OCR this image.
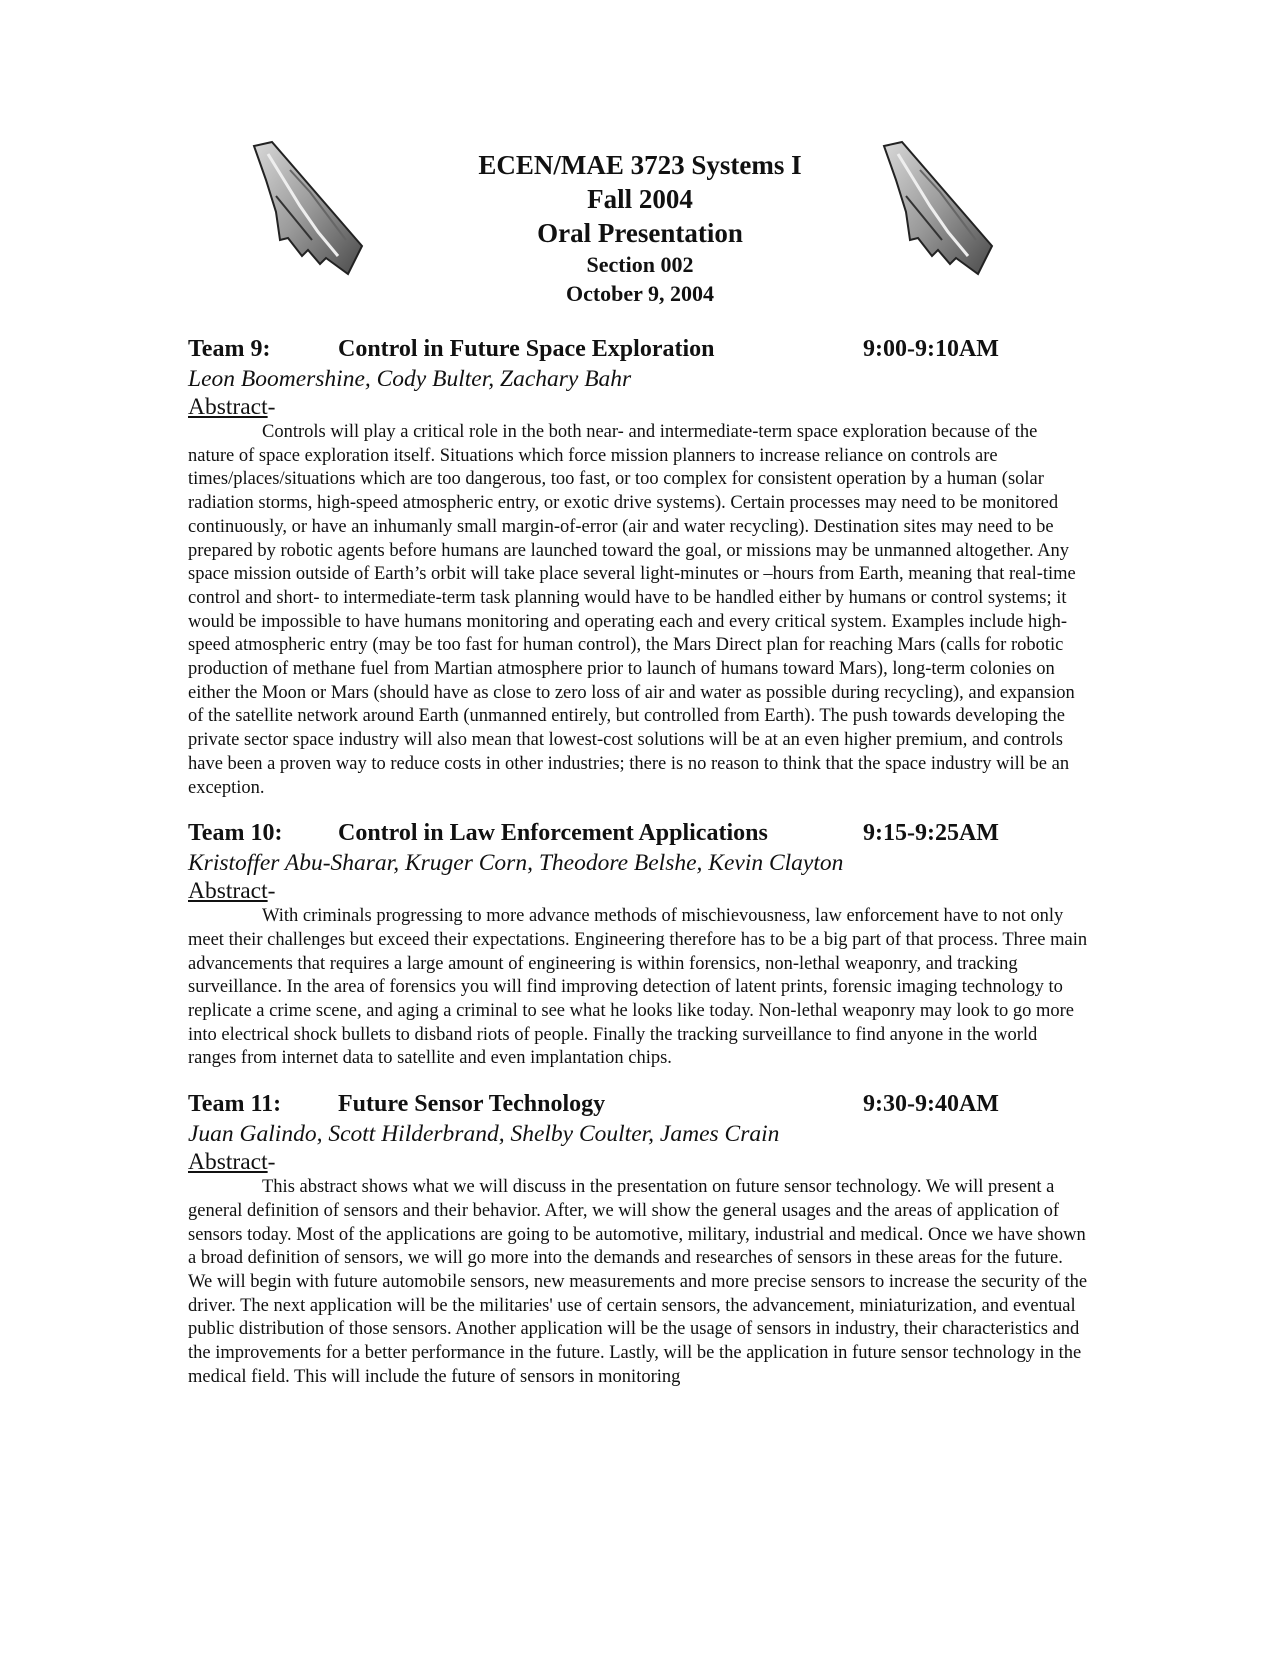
ECEN/MAE 3723 Systems I
Fall 2004
Oral Presentation
Section 002
October 9, 2004
Team 9:	Control in Future Space Exploration	9:00-9:10AM
Leon Boomershine, Cody Bulter, Zachary Bahr
Abstract-
Controls will play a critical role in the both near- and intermediate-term space exploration because of the nature of space exploration itself. Situations which force mission planners to increase reliance on controls are times/places/situations which are too dangerous, too fast, or too complex for consistent operation by a human (solar radiation storms, high-speed atmospheric entry, or exotic drive systems). Certain processes may need to be monitored continuously, or have an inhumanly small margin-of-error (air and water recycling). Destination sites may need to be prepared by robotic agents before humans are launched toward the goal, or missions may be unmanned altogether. Any space mission outside of Earth’s orbit will take place several light-minutes or –hours from Earth, meaning that real-time control and short- to intermediate-term task planning would have to be handled either by humans or control systems; it would be impossible to have humans monitoring and operating each and every critical system. Examples include high-speed atmospheric entry (may be too fast for human control), the Mars Direct plan for reaching Mars (calls for robotic production of methane fuel from Martian atmosphere prior to launch of humans toward Mars), long-term colonies on either the Moon or Mars (should have as close to zero loss of air and water as possible during recycling), and expansion of the satellite network around Earth (unmanned entirely, but controlled from Earth). The push towards developing the private sector space industry will also mean that lowest-cost solutions will be at an even higher premium, and controls have been a proven way to reduce costs in other industries; there is no reason to think that the space industry will be an exception.
Team 10: Control in Law Enforcement Applications	9:15-9:25AM
Kristoffer Abu-Sharar, Kruger Corn, Theodore Belshe, Kevin Clayton
Abstract-
With criminals progressing to more advance methods of mischievousness, law enforcement have to not only meet their challenges but exceed their expectations. Engineering therefore has to be a big part of that process. Three main advancements that requires a large amount of engineering is within forensics, non-lethal weaponry, and tracking surveillance. In the area of forensics you will find improving detection of latent prints, forensic imaging technology to replicate a crime scene, and aging a criminal to see what he looks like today. Non-lethal weaponry may look to go more into electrical shock bullets to disband riots of people. Finally the tracking surveillance to find anyone in the world ranges from internet data to satellite and even implantation chips.
Team 11: Future Sensor Technology	9:30-9:40AM
Juan Galindo, Scott Hilderbrand, Shelby Coulter, James Crain
Abstract-
This abstract shows what we will discuss in the presentation on future sensor technology. We will present a general definition of sensors and their behavior. After, we will show the general usages and the areas of application of sensors today. Most of the applications are going to be automotive, military, industrial and medical. Once we have shown a broad definition of sensors, we will go more into the demands and researches of sensors in these areas for the future. We will begin with future automobile sensors, new measurements and more precise sensors to increase the security of the driver. The next application will be the militaries' use of certain sensors, the advancement, miniaturization, and eventual public distribution of those sensors. Another application will be the usage of sensors in industry, their characteristics and the improvements for a better performance in the future. Lastly, will be the application in future sensor technology in the medical field. This will include the future of sensors in monitoring
